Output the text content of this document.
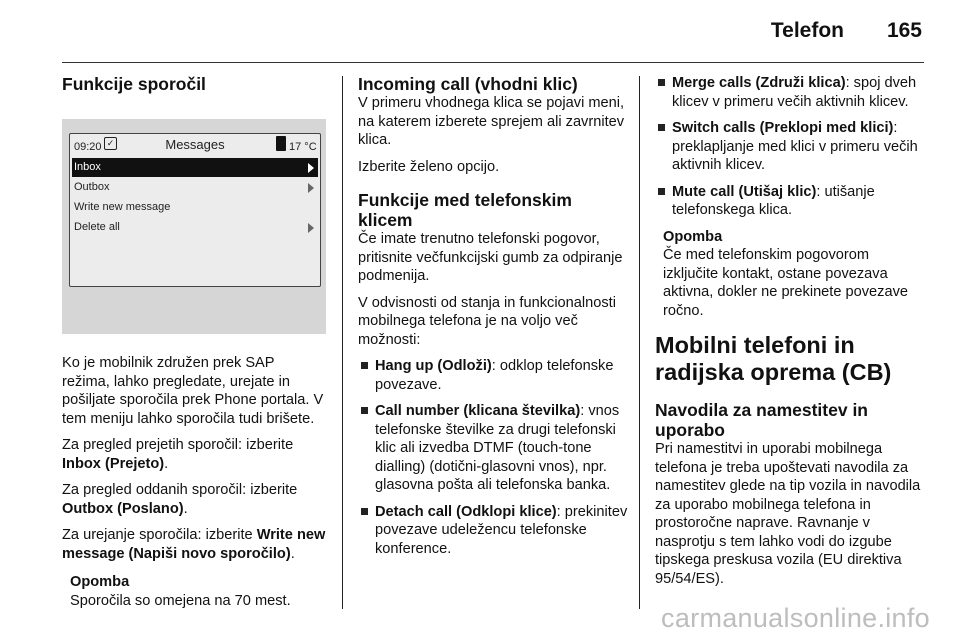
Telefon 165
Funkcije sporočil
09:20 ✓	Messages	17 °C
Inbox
Outbox
Write new message
Delete all

Ko je mobilnik združen prek SAP režima, lahko pregledate, urejate in pošiljate sporočila prek Phone portala. V tem meniju lahko sporočila tudi brišete.

Za pregled prejetih sporočil: izberite Inbox (Prejeto).

Za pregled oddanih sporočil: izberite Outbox (Poslano).

Za urejanje sporočila: izberite Write new message (Napiši novo sporočilo).

Opomba

Sporočila so omejena na 70 mest.

Incoming call (vhodni klic)

V primeru vhodnega klica se pojavi meni, na katerem izberete sprejem ali zavrnitev klica.

Izberite želeno opcijo.

Funkcije med telefonskim klicem

Če imate trenutno telefonski pogovor, pritisnite večfunkcijski gumb za odpiranje podmenija.

V odvisnosti od stanja in funkcionalnosti mobilnega telefona je na voljo več možnosti:

Hang up (Odloži): odklop telefonske povezave.
Call number (klicana številka): vnos telefonske številke za drugi telefonski klic ali izvedba DTMF (touch-tone dialling) (dotični-glasovni vnos), npr. glasovna pošta ali telefonska banka.
Detach call (Odklopi klice): prekinitev povezave udeležencu telefonske konference.
Merge calls (Združi klica): spoj dveh klicev v primeru večih aktivnih klicev.
Switch calls (Preklopi med klici): preklapljanje med klici v primeru večih aktivnih klicev.
Mute call (Utišaj klic): utišanje telefonskega klica.

Opomba

Če med telefonskim pogovorom izključite kontakt, ostane povezava aktivna, dokler ne prekinete povezave ročno.

Mobilni telefoni in radijska oprema (CB)
Navodila za namestitev in uporabo

Pri namestitvi in uporabi mobilnega telefona je treba upoštevati navodila za namestitev glede na tip vozila in navodila za uporabo mobilnega telefona in prostoročne naprave. Ravnanje v nasprotju s tem lahko vodi do izgube tipskega preskusa vozila (EU direktiva 95/54/ES).

carmanualsonline.info
